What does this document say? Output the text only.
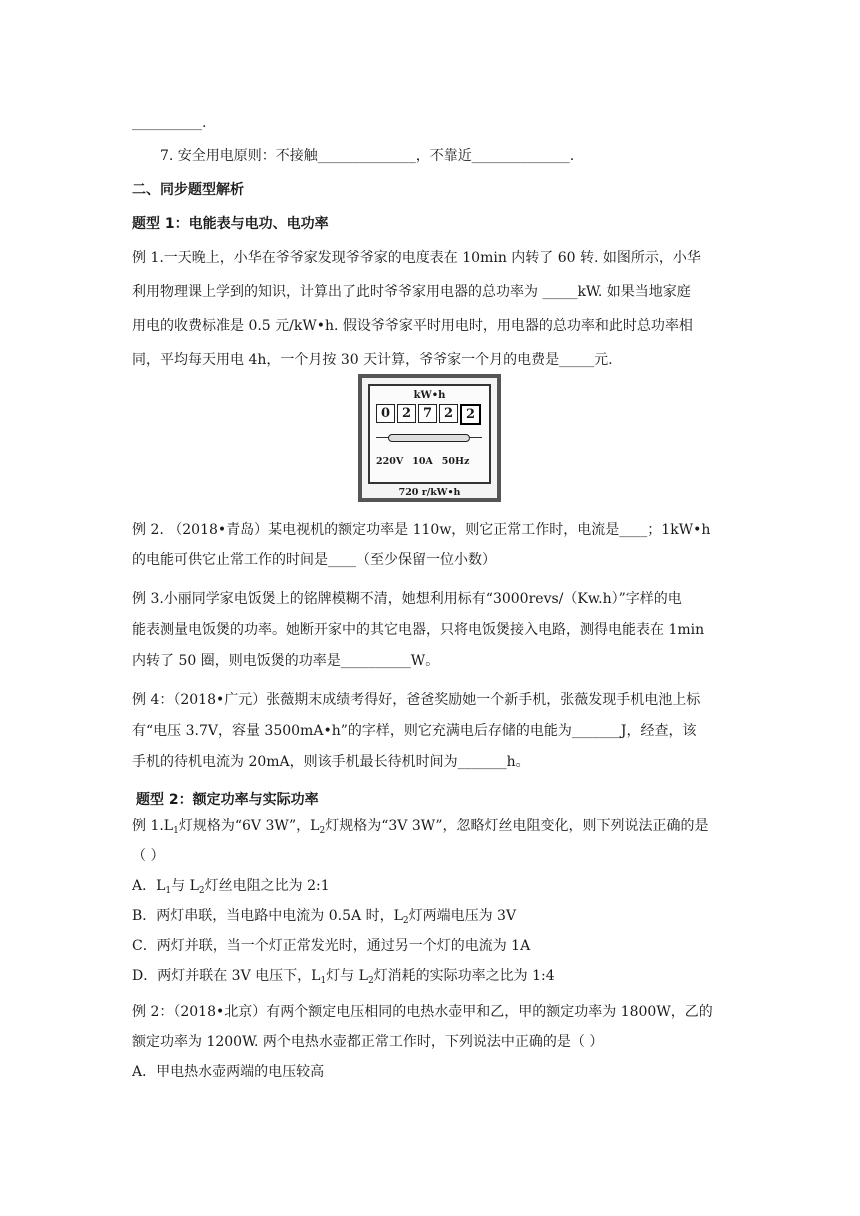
__________.
7. 安全用电原则：不接触______________，不靠近______________.
二、同步题型解析
题型 1：电能表与电功、电功率
例 1.一天晚上，小华在爷爷家发现爷爷家的电度表在 10min 内转了 60 转. 如图所示，小华
利用物理课上学到的知识，计算出了此时爷爷家用电器的总功率为 _____kW. 如果当地家庭
用电的收费标准是 0.5 元/kW•h. 假设爷爷家平时用电时，用电器的总功率和此时总功率相
同，平均每天用电 4h，一个月按 30 天计算，爷爷家一个月的电费是_____元.
kW•h
0 2 7 2 2
220V 10A 50Hz
720 r/kW•h
例 2. （2018•青岛）某电视机的额定功率是 110w，则它正常工作时，电流是____；1kW•h
的电能可供它止常工作的时间是____（至少保留一位小数）
例 3.小丽同学家电饭煲上的铭牌模糊不清，她想利用标有“3000revs/（Kw.h）”字样的电
能表测量电饭煲的功率。她断开家中的其它电器，只将电饭煲接入电路，测得电能表在 1min
内转了 50 圈，则电饭煲的功率是__________W。
例 4：（2018•广元）张薇期末成绩考得好，爸爸奖励她一个新手机，张薇发现手机电池上标
有“电压 3.7V，容量 3500mA•h”的字样，则它充满电后存储的电能为_______J，经查，该
手机的待机电流为 20mA，则该手机最长待机时间为_______h。
题型 2：额定功率与实际功率
例 $1.L_1$灯规格为“6V 3W”，$L_2$灯规格为“3V 3W”，忽略灯丝电阻变化，则下列说法正确的是
（ ）
A．$L_1$与 $L_2$灯丝电阻之比为 2:1
B．两灯串联，当电路中电流为 0.5A 时，$L_2$灯两端电压为 3V
C．两灯并联，当一个灯正常发光时，通过另一个灯的电流为 1A
D．两灯并联在 3V 电压下，$L_1$灯与 $L_2$灯消耗的实际功率之比为 1:4
例 2：（2018•北京）有两个额定电压相同的电热水壶甲和乙，甲的额定功率为 1800W，乙的
额定功率为 1200W. 两个电热水壶都正常工作时，下列说法中正确的是（ ）
A．甲电热水壶两端的电压较高
